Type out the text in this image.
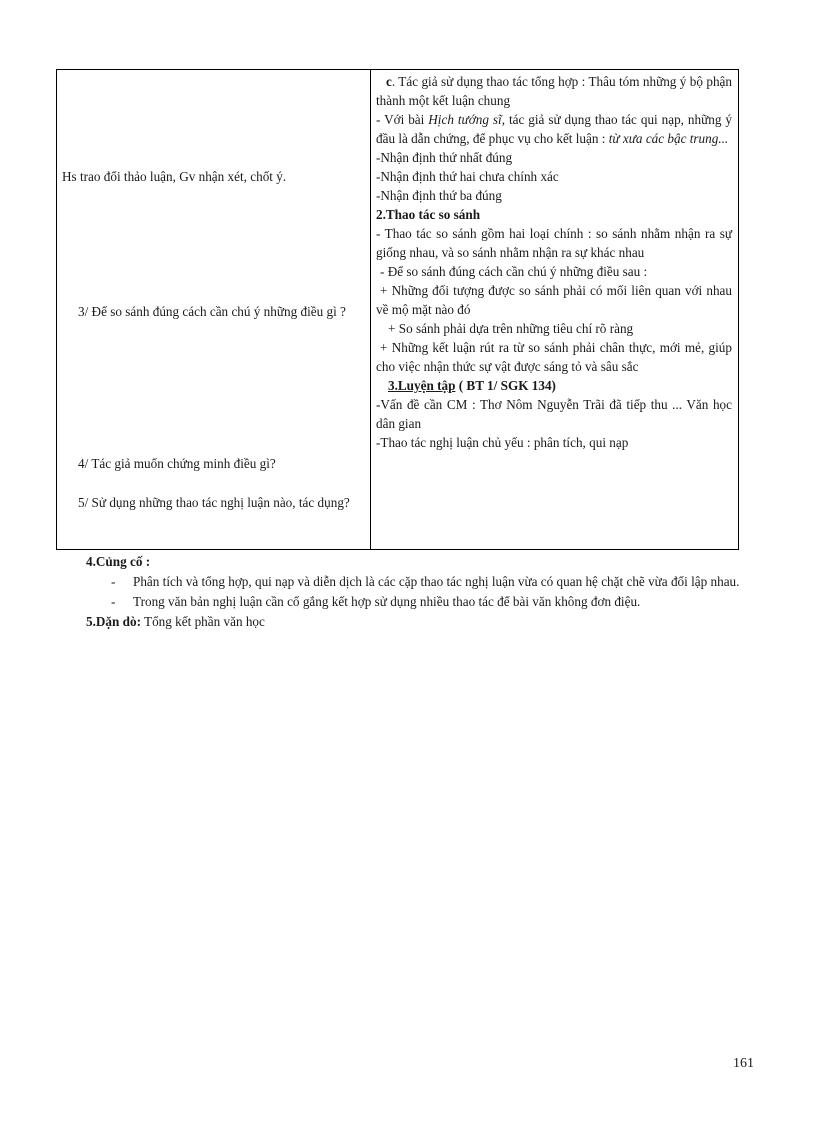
Hs trao đổi thảo luận, Gv nhận xét, chốt ý.
3/ Để so sánh đúng cách cần chú ý những điều gì ?
4/ Tác giả muốn chứng minh điều gì?
5/ Sử dụng những thao tác nghị luận nào, tác dụng?

c. Tác giả sử dụng thao tác tổng hợp : Thâu tóm những ý bộ phận thành một kết luận chung

- Với bài Hịch tướng sĩ, tác giả sử dụng thao tác qui nạp, những ý đầu là dẫn chứng, để phục vụ cho kết luận : từ xưa các bậc trung...

-Nhận định thứ nhất đúng

-Nhận định thứ hai chưa chính xác

-Nhận định thứ ba đúng

2.Thao tác so sánh

- Thao tác so sánh gồm hai loại chính : so sánh nhằm nhận ra sự giống nhau, và so sánh nhằm nhận ra sự khác nhau

- Để so sánh đúng cách cần chú ý những điều sau :

+ Những đối tượng được so sánh phải có mối liên quan với nhau về mộ mặt nào đó

+ So sánh phải dựa trên những tiêu chí rõ ràng

+ Những kết luận rút ra từ so sánh phải chân thực, mới mẻ, giúp cho việc nhận thức sự vật được sáng tỏ và sâu sắc

3.Luyện tập ( BT 1/ SGK 134)

-Vấn đề cần CM : Thơ Nôm Nguyễn Trãi đã tiếp thu ... Văn học dân gian

-Thao tác nghị luận chủ yếu : phân tích, qui nạp

4.Củng cố :

- Phân tích và tổng hợp, qui nạp và diễn dịch là các cặp thao tác nghị luận vừa có quan hệ chặt chẽ vừa đối lập nhau.

- Trong văn bản nghị luận cần cố gắng kết hợp sử dụng nhiều thao tác để bài văn không đơn điệu.

5.Dặn dò: Tổng kết phần văn học

161
